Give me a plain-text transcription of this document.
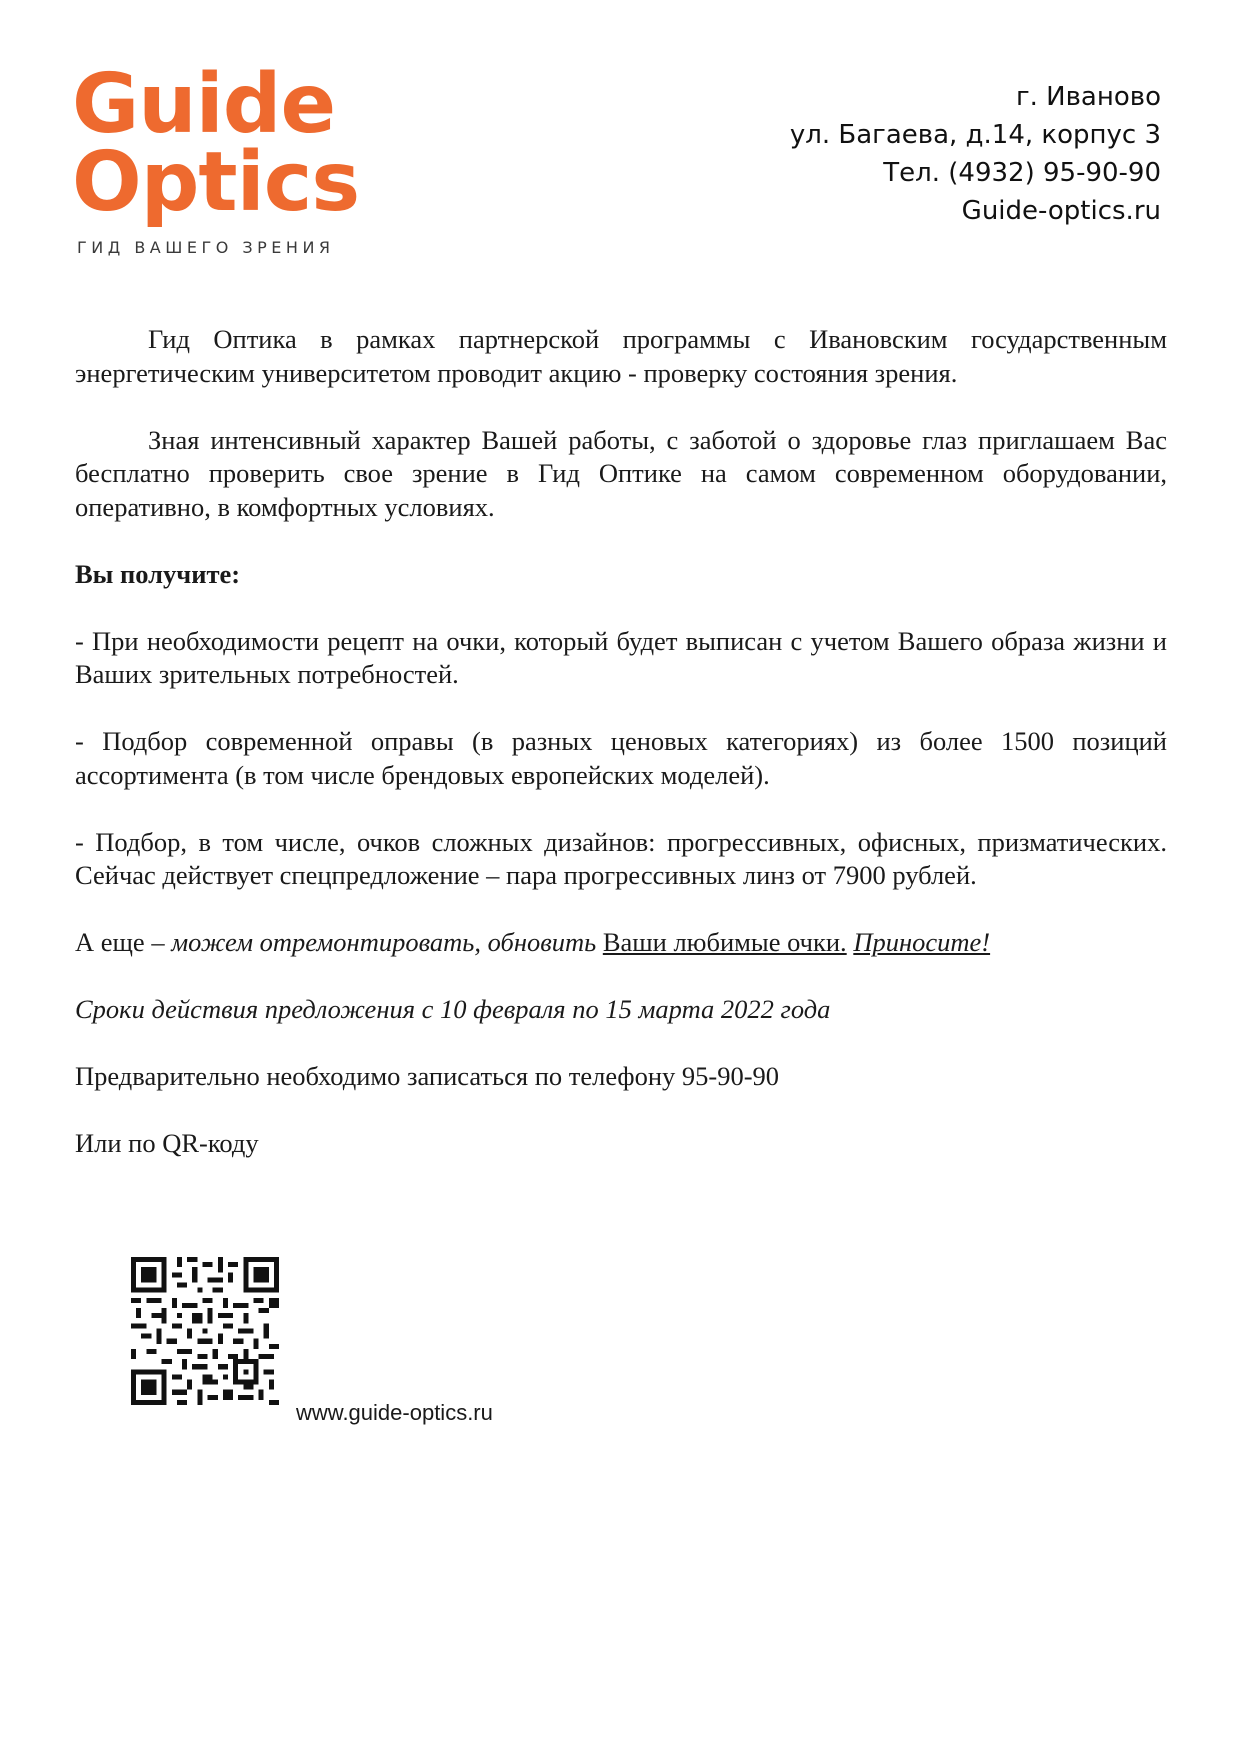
Guide
Optics
ГИД ВАШЕГО ЗРЕНИЯ
г. Иваново
ул. Багаева, д.14, корпус 3
Тел. (4932) 95-90-90
Guide-optics.ru

Гид Оптика в рамках партнерской программы с Ивановским государственным энергетическим университетом проводит акцию - проверку состояния зрения.

Зная интенсивный характер Вашей работы, с заботой о здоровье глаз приглашаем Вас бесплатно проверить свое зрение в Гид Оптике на самом современном оборудовании, оперативно, в комфортных условиях.

Вы получите:

- При необходимости рецепт на очки, который будет выписан с учетом Вашего образа жизни и Ваших зрительных потребностей.

- Подбор современной оправы (в разных ценовых категориях) из более 1500 позиций ассортимента (в том числе брендовых европейских моделей).

- Подбор, в том числе, очков сложных дизайнов: прогрессивных, офисных, призматических. Сейчас действует спецпредложение – пара прогрессивных линз от 7900 рублей.

А еще – можем отремонтировать, обновить Ваши любимые очки. Приносите!

Сроки действия предложения с 10 февраля по 15 марта 2022 года

Предварительно необходимо записаться по телефону 95-90-90

Или по QR-коду

www.guide-optics.ru
